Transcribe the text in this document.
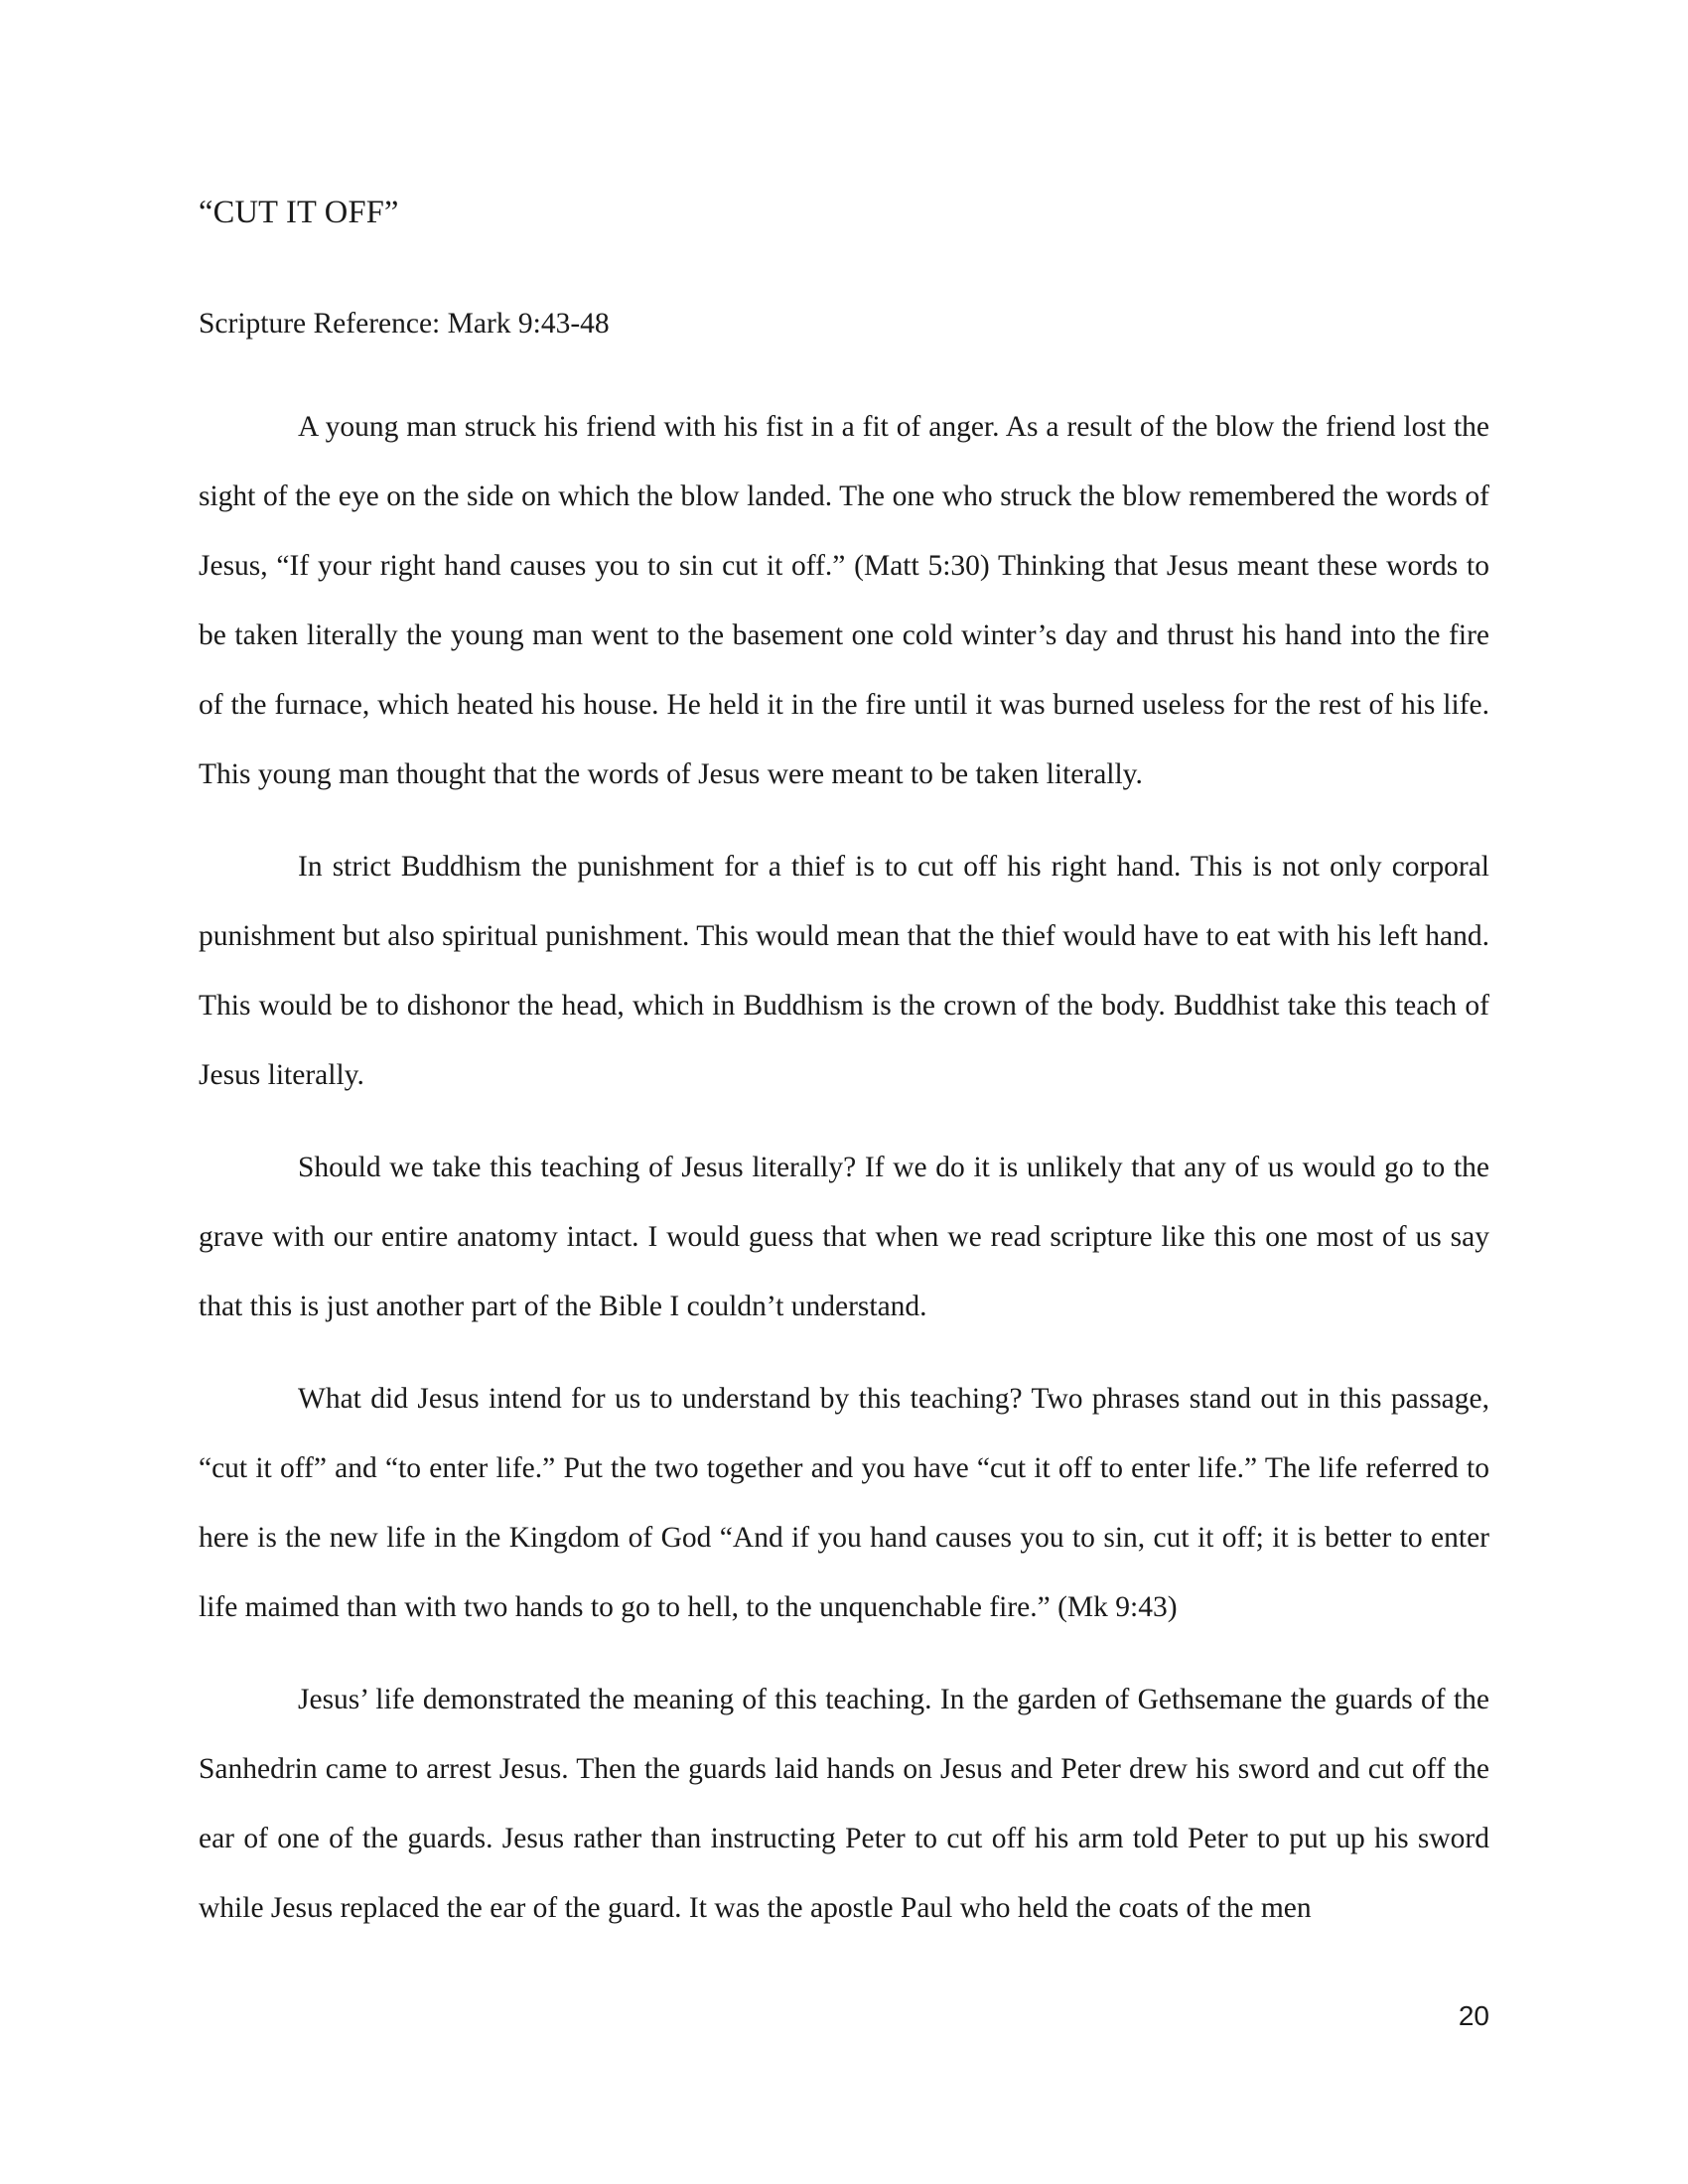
“CUT IT OFF”
Scripture Reference: Mark 9:43-48

A young man struck his friend with his fist in a fit of anger. As a result of the blow the friend lost the sight of the eye on the side on which the blow landed. The one who struck the blow remembered the words of Jesus, “If your right hand causes you to sin cut it off.” (Matt 5:30) Thinking that Jesus meant these words to be taken literally the young man went to the basement one cold winter’s day and thrust his hand into the fire of the furnace, which heated his house. He held it in the fire until it was burned useless for the rest of his life. This young man thought that the words of Jesus were meant to be taken literally.

In strict Buddhism the punishment for a thief is to cut off his right hand. This is not only corporal punishment but also spiritual punishment. This would mean that the thief would have to eat with his left hand. This would be to dishonor the head, which in Buddhism is the crown of the body. Buddhist take this teach of Jesus literally.

Should we take this teaching of Jesus literally? If we do it is unlikely that any of us would go to the grave with our entire anatomy intact. I would guess that when we read scripture like this one most of us say that this is just another part of the Bible I couldn’t understand.

What did Jesus intend for us to understand by this teaching? Two phrases stand out in this passage, “cut it off” and “to enter life.” Put the two together and you have “cut it off to enter life.” The life referred to here is the new life in the Kingdom of God “And if you hand causes you to sin, cut it off; it is better to enter life maimed than with two hands to go to hell, to the unquenchable fire.” (Mk 9:43)

Jesus’ life demonstrated the meaning of this teaching. In the garden of Gethsemane the guards of the Sanhedrin came to arrest Jesus. Then the guards laid hands on Jesus and Peter drew his sword and cut off the ear of one of the guards. Jesus rather than instructing Peter to cut off his arm told Peter to put up his sword while Jesus replaced the ear of the guard. It was the apostle Paul who held the coats of the men

20
